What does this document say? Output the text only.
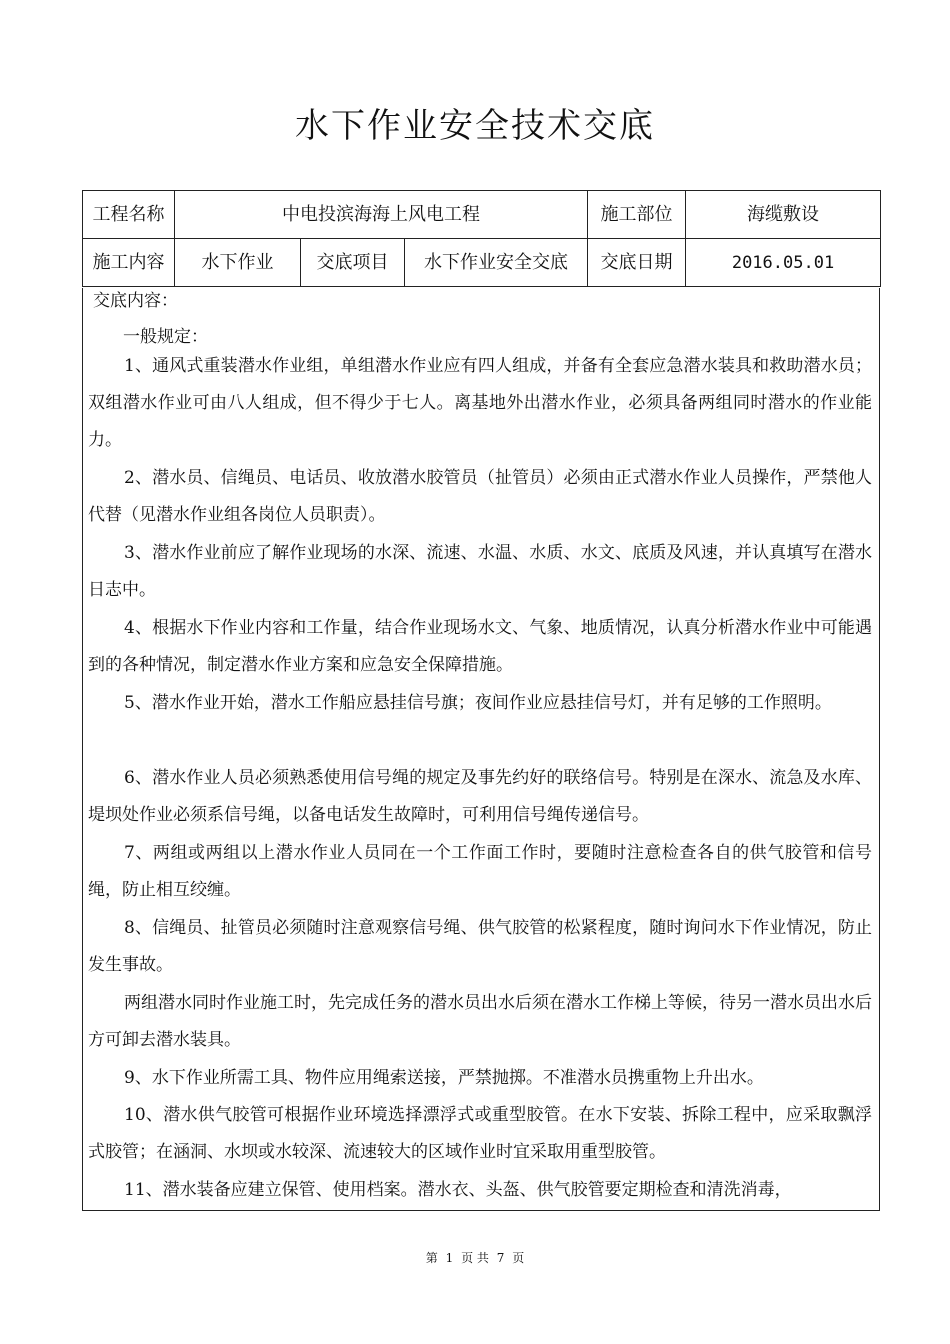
水下作业安全技术交底
工程名称	中电投滨海海上风电工程			施工部位	海缆敷设
施工内容	水下作业	交底项目	水下作业安全交底	交底日期	2016.05.01
交底内容：
一般规定：
1、通风式重装潜水作业组，单组潜水作业应有四人组成，并备有全套应急潜水装具和救助潜水员；双组潜水作业可由八人组成，但不得少于七人。离基地外出潜水作业，必须具备两组同时潜水的作业能力。
2、潜水员、信绳员、电话员、收放潜水胶管员（扯管员）必须由正式潜水作业人员操作，严禁他人代替（见潜水作业组各岗位人员职责）。
3、潜水作业前应了解作业现场的水深、流速、水温、水质、水文、底质及风速，并认真填写在潜水日志中。
4、根据水下作业内容和工作量，结合作业现场水文、气象、地质情况，认真分析潜水作业中可能遇到的各种情况，制定潜水作业方案和应急安全保障措施。
5、潜水作业开始，潜水工作船应悬挂信号旗；夜间作业应悬挂信号灯，并有足够的工作照明。
6、潜水作业人员必须熟悉使用信号绳的规定及事先约好的联络信号。特别是在深水、流急及水库、堤坝处作业必须系信号绳，以备电话发生故障时，可利用信号绳传递信号。
7、两组或两组以上潜水作业人员同在一个工作面工作时，要随时注意检查各自的供气胶管和信号绳，防止相互绞缠。
8、信绳员、扯管员必须随时注意观察信号绳、供气胶管的松紧程度，随时询问水下作业情况，防止发生事故。
两组潜水同时作业施工时，先完成任务的潜水员出水后须在潜水工作梯上等候，待另一潜水员出水后方可卸去潜水装具。
9、水下作业所需工具、物件应用绳索送接，严禁抛掷。不准潜水员携重物上升出水。
10、潜水供气胶管可根据作业环境选择漂浮式或重型胶管。在水下安装、拆除工程中，应采取飘浮式胶管；在涵洞、水坝或水较深、流速较大的区域作业时宜采取用重型胶管。
11、潜水装备应建立保管、使用档案。潜水衣、头盔、供气胶管要定期检查和清洗消毒，
第 1 页 共 7 页
